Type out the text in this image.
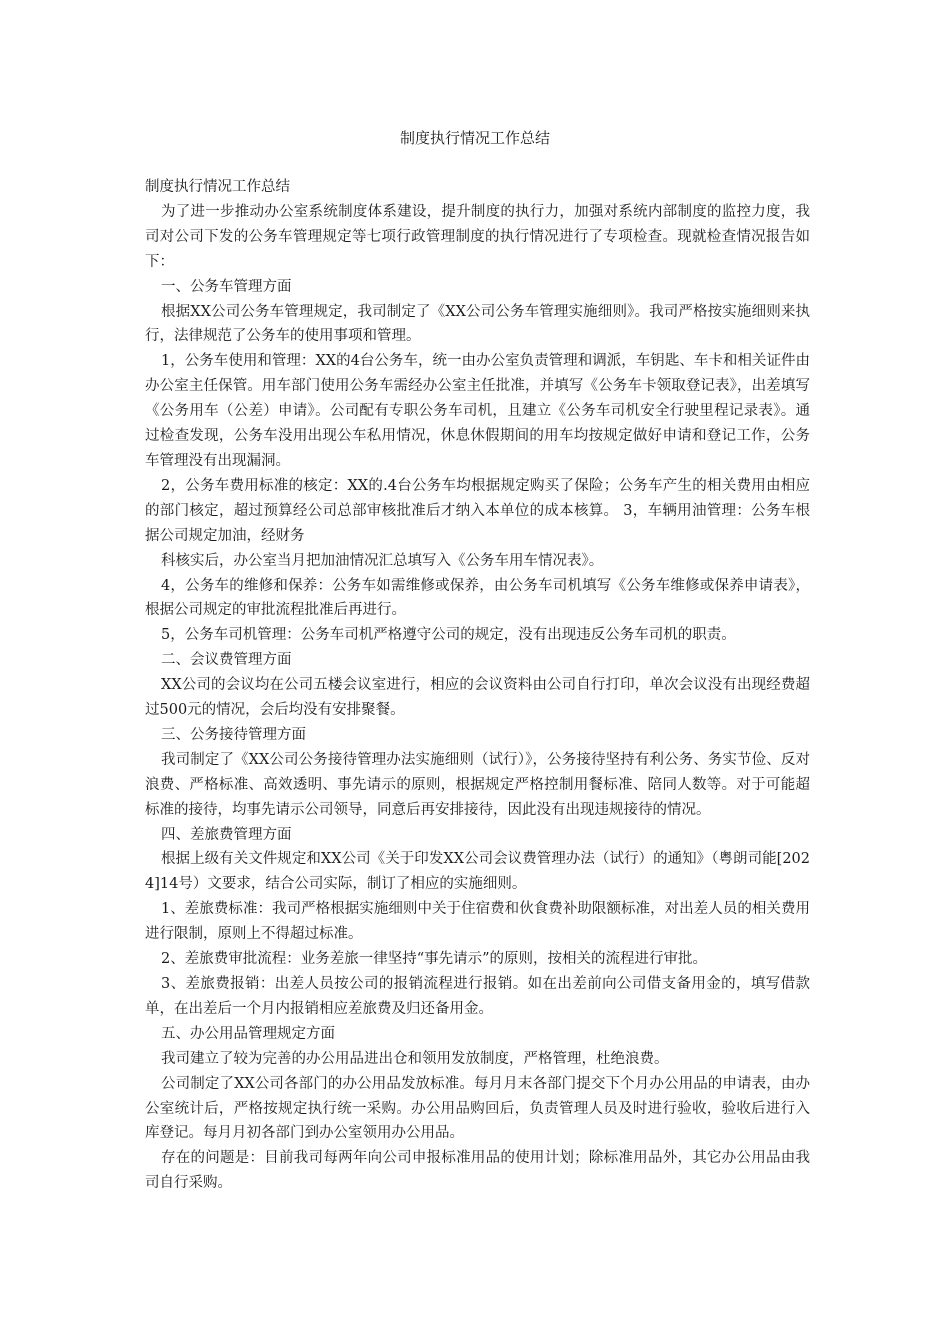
制度执行情况工作总结

制度执行情况工作总结

为了进一步推动办公室系统制度体系建设，提升制度的执行力，加强对系统内部制度的监控力度，我司对公司下发的公务车管理规定等七项行政管理制度的执行情况进行了专项检查。现就检查情况报告如下：

一、公务车管理方面

根据XX公司公务车管理规定，我司制定了《XX公司公务车管理实施细则》。我司严格按实施细则来执行，法律规范了公务车的使用事项和管理。

1，公务车使用和管理：XX的4台公务车，统一由办公室负责管理和调派，车钥匙、车卡和相关证件由办公室主任保管。用车部门使用公务车需经办公室主任批准，并填写《公务车卡领取登记表》，出差填写《公务用车（公差）申请》。公司配有专职公务车司机，且建立《公务车司机安全行驶里程记录表》。通过检查发现，公务车没用出现公车私用情况，休息休假期间的用车均按规定做好申请和登记工作，公务车管理没有出现漏洞。

2，公务车费用标准的核定：XX的.4台公务车均根据规定购买了保险；公务车产生的相关费用由相应的部门核定，超过预算经公司总部审核批准后才纳入本单位的成本核算。 3，车辆用油管理：公务车根据公司规定加油，经财务

科核实后，办公室当月把加油情况汇总填写入《公务车用车情况表》。

4，公务车的维修和保养：公务车如需维修或保养，由公务车司机填写《公务车维修或保养申请表》，根据公司规定的审批流程批准后再进行。

5，公务车司机管理：公务车司机严格遵守公司的规定，没有出现违反公务车司机的职责。

二、会议费管理方面

XX公司的会议均在公司五楼会议室进行，相应的会议资料由公司自行打印，单次会议没有出现经费超过500元的情况，会后均没有安排聚餐。

三、公务接待管理方面

我司制定了《XX公司公务接待管理办法实施细则（试行）》，公务接待坚持有利公务、务实节俭、反对浪费、严格标准、高效透明、事先请示的原则，根据规定严格控制用餐标准、陪同人数等。对于可能超标准的接待，均事先请示公司领导，同意后再安排接待，因此没有出现违规接待的情况。

四、差旅费管理方面

根据上级有关文件规定和XX公司《关于印发XX公司会议费管理办法（试行）的通知》（粤朗司能[2024]14号）文要求，结合公司实际，制订了相应的实施细则。

1、差旅费标准：我司严格根据实施细则中关于住宿费和伙食费补助限额标准，对出差人员的相关费用进行限制，原则上不得超过标准。

2、差旅费审批流程：业务差旅一律坚持“事先请示”的原则，按相关的流程进行审批。

3、差旅费报销：出差人员按公司的报销流程进行报销。如在出差前向公司借支备用金的，填写借款单，在出差后一个月内报销相应差旅费及归还备用金。

五、办公用品管理规定方面

我司建立了较为完善的办公用品进出仓和领用发放制度，严格管理，杜绝浪费。

公司制定了XX公司各部门的办公用品发放标准。每月月末各部门提交下个月办公用品的申请表，由办公室统计后，严格按规定执行统一采购。办公用品购回后，负责管理人员及时进行验收，验收后进行入库登记。每月月初各部门到办公室领用办公用品。

存在的问题是：目前我司每两年向公司申报标准用品的使用计划；除标准用品外，其它办公用品由我司自行采购。
